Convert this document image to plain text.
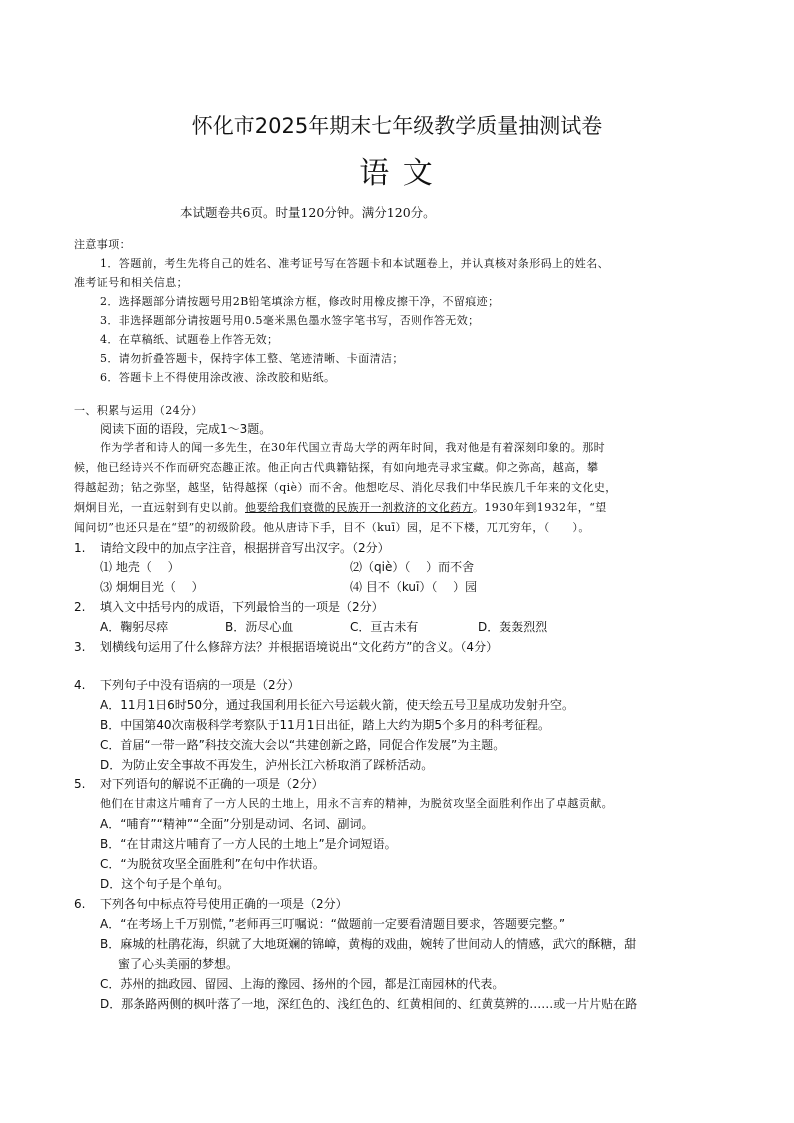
怀化市2025年期末七年级教学质量抽测试卷
语 文
本试题卷共6页。时量120分钟。满分120分。
注意事项：
1．答题前，考生先将自己的姓名、准考证号写在答题卡和本试题卷上，并认真核对条形码上的姓名、
准考证号和相关信息；
2．选择题部分请按题号用2B铅笔填涂方框，修改时用橡皮擦干净，不留痕迹；
3．非选择题部分请按题号用0.5毫米黑色墨水签字笔书写，否则作答无效；
4．在草稿纸、试题卷上作答无效；
5．请勿折叠答题卡，保持字体工整、笔迹清晰、卡面清洁；
6．答题卡上不得使用涂改液、涂改胶和贴纸。
一、积累与运用（24分）
阅读下面的语段，完成1～3题。
作为学者和诗人的闻一多先生，在30年代国立青岛大学的两年时间，我对他是有着深刻印象的。那时
候，他已经诗兴不作而研究态趣正浓。他正向古代典籍钻探，有如向地壳寻求宝藏。仰之弥高，越高，攀
得越起劲；钻之弥坚，越坚，钻得越探（qiè）而不舍。他想吃尽、消化尽我们中华民族几千年来的文化史，
炯炯目光，一直远射到有史以前。他要给我们衰微的民族开一剂救济的文化药方。1930年到1932年，“望
闻问切”也还只是在“望”的初级阶段。他从唐诗下手，目不（kuī）园，足不下楼，兀兀穷年，（　　）。
1. 请给文段中的加点字注音，根据拼音写出汉字。（2分）
⑴ 地壳（　 ）	⑵（qiè）（　 ）而不舍
⑶ 炯炯目光（　 ）	⑷ 目不（kuī）（　 ）园
2. 填入文中括号内的成语，下列最恰当的一项是（2分）
A．鞠躬尽瘁	B．沥尽心血	C．亘古未有	D．轰轰烈烈
3. 划横线句运用了什么修辞方法？并根据语境说出“文化药方”的含义。（4分）
4. 下列句子中没有语病的一项是（2分）
A．11月1日6时50分，通过我国利用长征六号运载火箭，使天绘五号卫星成功发射升空。
B．中国第40次南极科学考察队于11月1日出征，踏上大约为期5个多月的科考征程。
C．首届“一带一路”科技交流大会以“共建创新之路，同促合作发展”为主题。
D．为防止安全事故不再发生，泸州长江六桥取消了踩桥活动。
5. 对下列语句的解说不正确的一项是（2分）
他们在甘肃这片哺育了一方人民的土地上，用永不言弃的精神，为脱贫攻坚全面胜利作出了卓越贡献。
A．“哺育”“精神”“全面”分别是动词、名词、副词。
B．“在甘肃这片哺育了一方人民的土地上”是介词短语。
C．“为脱贫攻坚全面胜利”在句中作状语。
D．这个句子是个单句。
6. 下列各句中标点符号使用正确的一项是（2分）
A．“在考场上千万别慌，”老师再三叮嘱说：“做题前一定要看清题目要求，答题要完整。”
B．麻城的杜鹃花海，织就了大地斑斓的锦嶂，黄梅的戏曲，婉转了世间动人的情感，武穴的酥糖，甜
蜜了心头美丽的梦想。
C．苏州的拙政园、留园、上海的豫园、扬州的个园，都是江南园林的代表。
D．那条路两侧的枫叶落了一地，深红色的、浅红色的、红黄相间的、红黄莫辨的……或一片片贴在路
